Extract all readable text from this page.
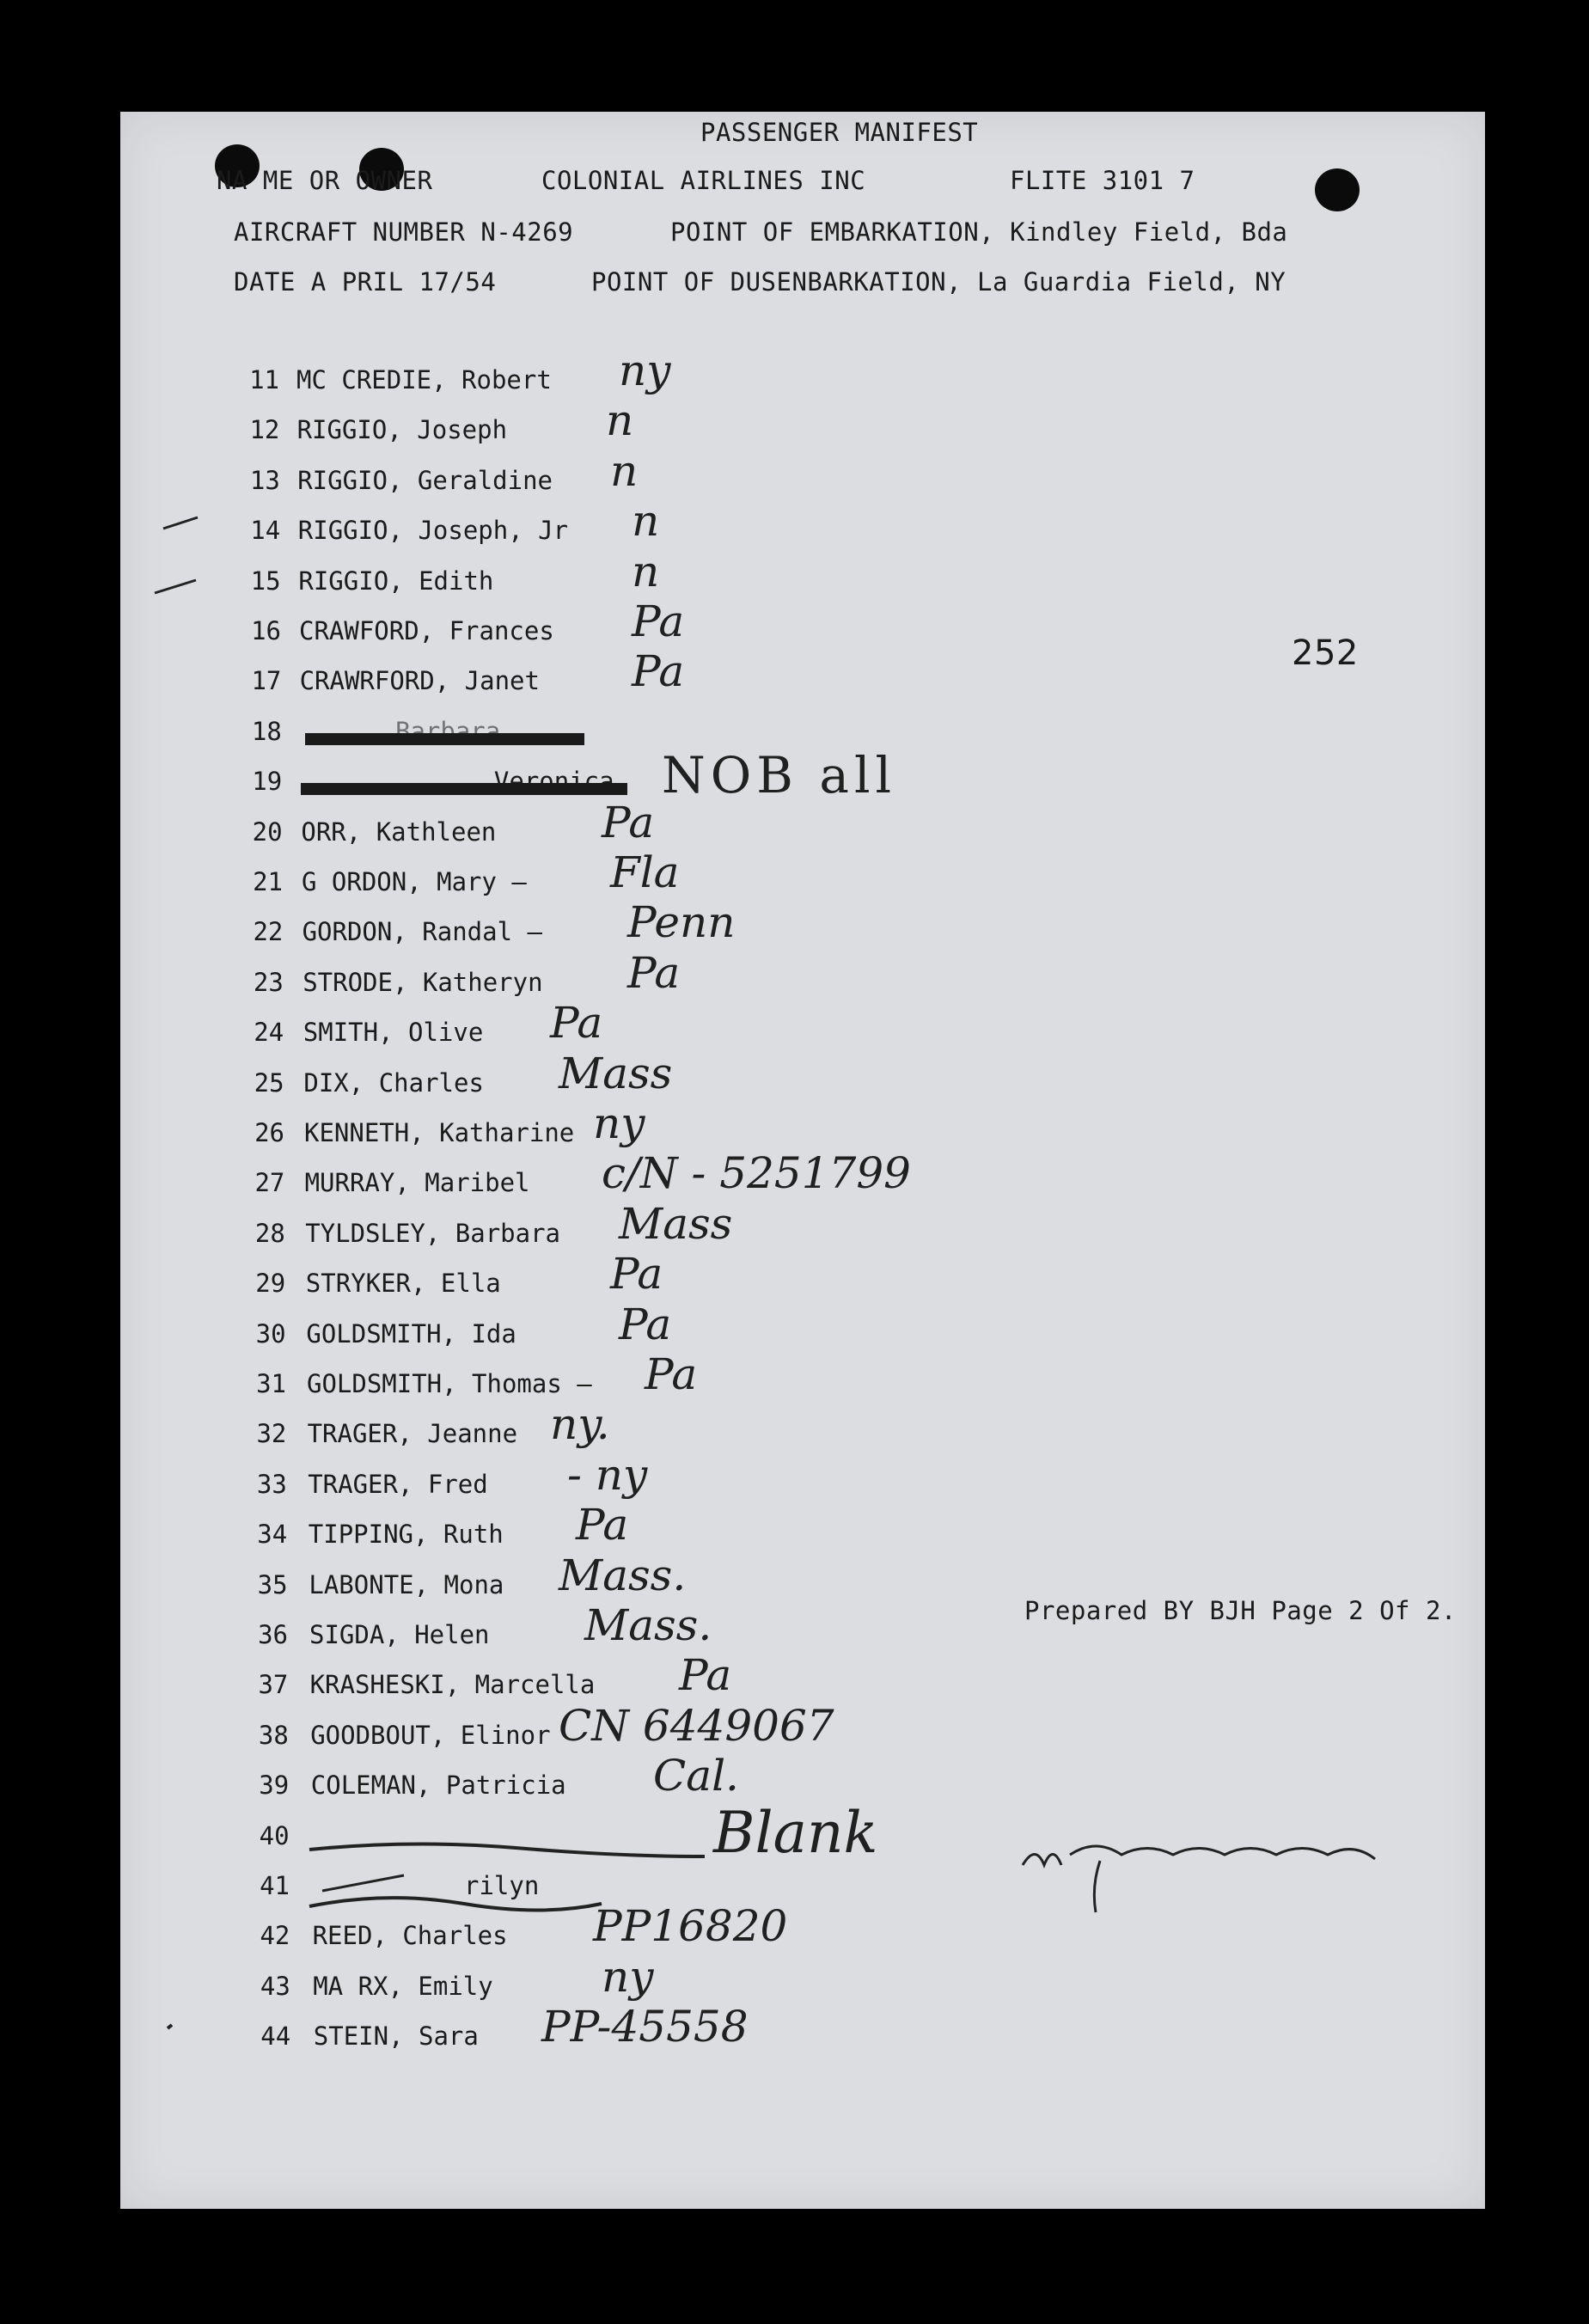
PASSENGER MANIFEST
NA ME OR OWNER	COLONIAL AIRLINES INC	FLITE 3101 7
AIRCRAFT NUMBER N-4269	POINT OF EMBARKATION, Kindley Field, Bda
DATE A PRIL 17/54	POINT OF DUSENBARKATION, La Guardia Field, NY
252
Prepared BY BJH Page 2 Of 2.
11 MC CREDIE, Robert ny
12 RIGGIO, Joseph n
13 RIGGIO, Geraldine n
14 RIGGIO, Joseph, Jr n
15 RIGGIO, Edith	n
16 CRAWFORD, Frances Pa
17 CRAWRFORD, Janet Pa
18	Barbara
19	, Veronica NOB all
20 ORR, Kathleen Pa
21 G ORDON, Mary — Fla
22 GORDON, Randal — Penn
23 STRODE, Katheryn Pa
24 SMITH, Olive Pa
25 DIX, Charles Mass
26 KENNETH, Katharine ny
27 MURRAY, Maribel c/N - 5251799
28 TYLDSLEY, Barbara Mass
29 STRYKER, Ella	Pa
30 GOLDSMITH, Ida Pa
31 GOLDSMITH, Thomas — Pa
32 TRAGER, Jeanne ny.
33 TRAGER, Fred - ny
34 TIPPING, Ruth Pa
35 LABONTE, Mona Mass.
36 SIGDA, Helen Mass.
37 KRASHESKI, Marcella Pa
38 GOODBOUT, Elinor CN 6449067
39 COLEMAN, Patricia Cal.
40	Blank
41	rilyn
42 REED, Charles PP16820
43 MA RX, Emily	ny
44 STEIN, Sara PP-45558
